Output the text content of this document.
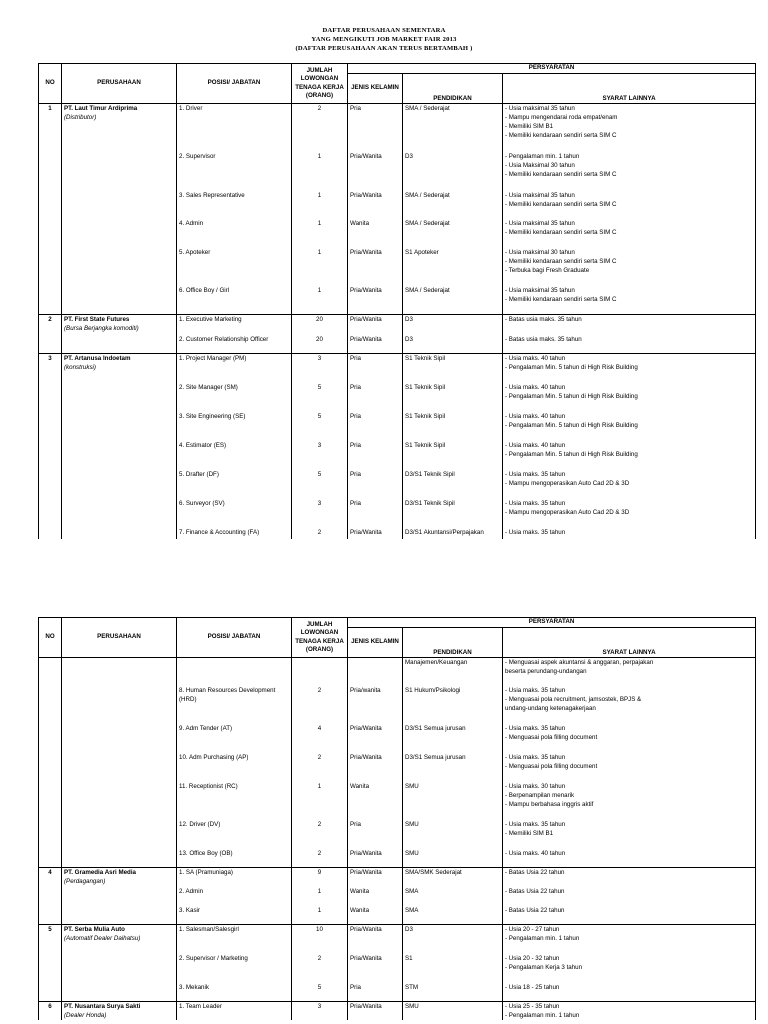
DAFTAR PERUSAHAAN SEMENTARA
YANG MENGIKUTI JOB MARKET FAIR 2013
(DAFTAR PERUSAHAAN AKAN TERUS BERTAMBAH )
NO	PERUSAHAAN	POSISI/ JABATAN	JUMLAH LOWONGAN TENAGA KERJA (ORANG)	PERSYARATAN		
				JENIS KELAMIN	PENDIDIKAN	SYARAT LAINNYA
1	PT. Laut Timur Ardiprima
(Distributor)	1. Driver	2	Pria	SMA / Sederajat	- Usia maksimal 35 tahun
- Mampu mengendarai roda empat/enam
- Memiliki SIM B1
- Memiliki kendaraan sendiri serta SIM C

	2. Supervisor	1	Pria/Wanita	D3	- Pengalaman min. 1 tahun
- Usia Maksimal 30 tahun
- Memiliki kendaraan sendiri serta SIM C

	3. Sales Representative	1	Pria/Wanita	SMA / Sederajat	- Usia maksimal 35 tahun
- Memiliki kendaraan sendiri serta SIM C

	4. Admin	1	Wanita	SMA / Sederajat	- Usia maksimal 35 tahun
- Memiliki kendaraan sendiri serta SIM C

	5. Apoteker	1	Pria/Wanita	S1 Apoteker	- Usia maksimal 30 tahun
- Memiliki kendaraan sendiri serta SIM C
- Terbuka bagi Fresh Graduate

	6. Office Boy / Girl	1	Pria/Wanita	SMA / Sederajat	- Usia maksimal 35 tahun
- Memiliki kendaraan sendiri serta SIM C

2	PT. First State Futures
(Bursa Berjangka komoditi)	1. Executive Marketing	20	Pria/Wanita	D3	- Batas usia maks. 35 tahun

	2. Customer Relationship Officer	20	Pria/Wanita	D3	- Batas usia maks. 35 tahun

3	PT. Artanusa Indoetam
(konstruksi)	1. Project Manager (PM)	3	Pria	S1 Teknik Sipil	- Usia maks. 40 tahun
- Pengalaman Min. 5 tahun di High Risk Building

	2. Site Manager (SM)	5	Pria	S1 Teknik Sipil	- Usia maks. 40 tahun
- Pengalaman Min. 5 tahun di High Risk Building

	3. Site Engineering (SE)	5	Pria	S1 Teknik Sipil	- Usia maks. 40 tahun
- Pengalaman Min. 5 tahun di High Risk Building

	4. Estimator (ES)	3	Pria	S1 Teknik Sipil	- Usia maks. 40 tahun
- Pengalaman Min. 5 tahun di High Risk Building

	5. Drafter (DF)	5	Pria	D3/S1 Teknik Sipil	- Usia maks. 35 tahun
- Mampu mengoperasikan Auto Cad 2D & 3D

	6. Surveyor (SV)	3	Pria	D3/S1 Teknik Sipil	- Usia maks. 35 tahun
- Mampu mengoperasikan Auto Cad 2D & 3D

	7. Finance & Accounting (FA)	2	Pria/Wanita	D3/S1 Akuntansi/Perpajakan	- Usia maks. 35 tahun
NO	PERUSAHAAN	POSISI/ JABATAN	JUMLAH LOWONGAN TENAGA KERJA (ORANG)	PERSYARATAN		
				JENIS KELAMIN	PENDIDIKAN	SYARAT LAINNYA

				Manajemen/Keuangan	- Menguasai aspek akuntansi & anggaran, perpajakan
beserta perundang-undangan

	8. Human Resources Development (HRD)	2	Pria/wanita	S1 Hukum/Psikologi	- Usia maks. 35 tahun
- Menguasai pola recruitment, jamsostek, BPJS &
undang-undang ketenagakerjaan

	9. Adm Tender (AT)	4	Pria/Wanita	D3/S1 Semua jurusan	- Usia maks. 35 tahun
- Menguasai pola filling document

	10. Adm Purchasing (AP)	2	Pria/Wanita	D3/S1 Semua jurusan	- Usia maks. 35 tahun
- Menguasai pola filling document

	11. Receptionist (RC)	1	Wanita	SMU	- Usia maks. 30 tahun
- Berpenampilan menarik
- Mampu berbahasa inggris aktif

	12. Driver (DV)	2	Pria	SMU	- Usia maks. 35 tahun
- Memiliki SIM B1

	13. Office Boy (OB)	2	Pria/Wanita	SMU	- Usia maks. 40 tahun

4	PT. Gramedia Asri Media
(Perdagangan)	1. SA (Pramuniaga)	9	Pria/Wanita	SMA/SMK Sederajat	- Batas Usia 22 tahun

	2. Admin	1	Wanita	SMA	- Batas Usia 22 tahun

	3. Kasir	1	Wanita	SMA	- Batas Usia 22 tahun

5	PT. Serba Mulia Auto
(Automatif Dealer Daihatsu)	1. Salesman/Salesgirl	10	Pria/Wanita	D3	- Usia 20 - 27 tahun
- Pengalaman min. 1 tahun

	2. Supervisor / Marketing	2	Pria/Wanita	S1	- Usia 20 - 32 tahun
- Pengalaman Kerja 3 tahun

	3. Mekanik	5	Pria	STM	- Usia 18 - 25 tahun

6	PT. Nusantara Surya Sakti
(Dealer Honda)	1. Team Leader	3	Pria/Wanita	SMU	- Usia 25 - 35 tahun
- Pengalaman min. 1 tahun
